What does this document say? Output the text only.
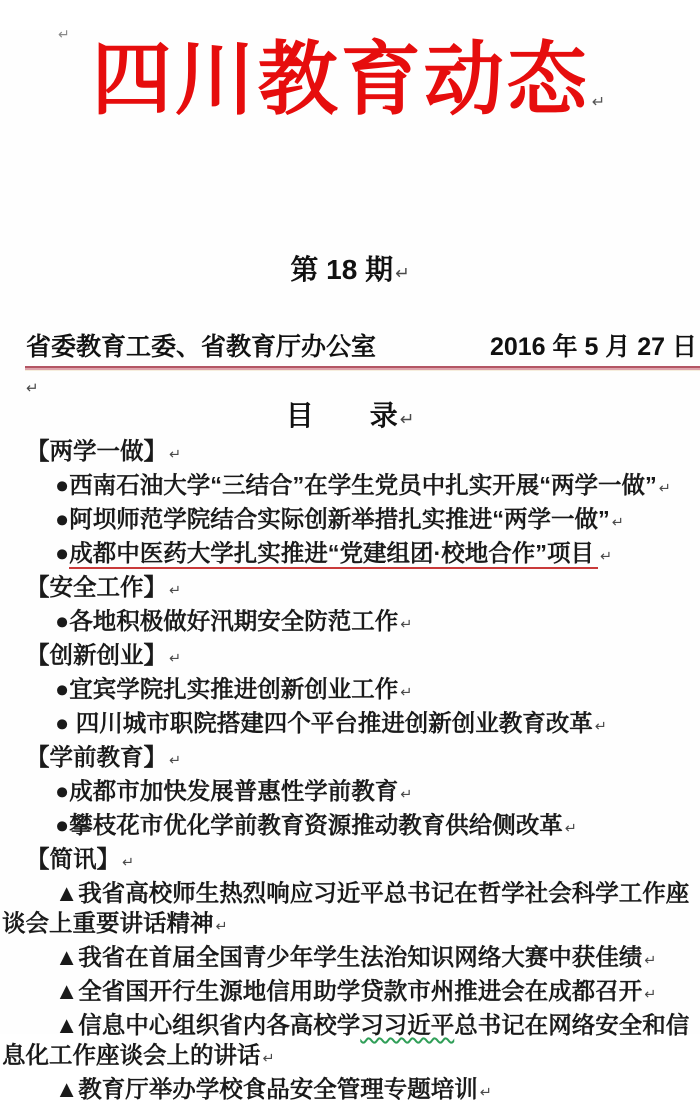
↵
四川教育动态 ↵
第 18 期 ↵
省委教育工委、省教育厅办公室	2016 年 5 月 27 日
↵
目　　录 ↵
【两学一做】 ↵
●西南石油大学“三结合”在学生党员中扎实开展“两学一做” ↵
●阿坝师范学院结合实际创新举措扎实推进“两学一做” ↵
●成都中医药大学扎实推进“党建组团·校地合作”项目 ↵
【安全工作】 ↵
●各地积极做好汛期安全防范工作 ↵
【创新创业】 ↵
●宜宾学院扎实推进创新创业工作 ↵
● 四川城市职院搭建四个平台推进创新创业教育改革 ↵
【学前教育】 ↵
●成都市加快发展普惠性学前教育 ↵
●攀枝花市优化学前教育资源推动教育供给侧改革 ↵
【简讯】 ↵
▲我省高校师生热烈响应习近平总书记在哲学社会科学工作座谈会上重要讲话精神 ↵
▲我省在首届全国青少年学生法治知识网络大赛中获佳绩 ↵
▲全省国开行生源地信用助学贷款市州推进会在成都召开 ↵
▲信息中心组织省内各高校学习习近平总书记在网络安全和信息化工作座谈会上的讲话 ↵
▲教育厅举办学校食品安全管理专题培训 ↵
